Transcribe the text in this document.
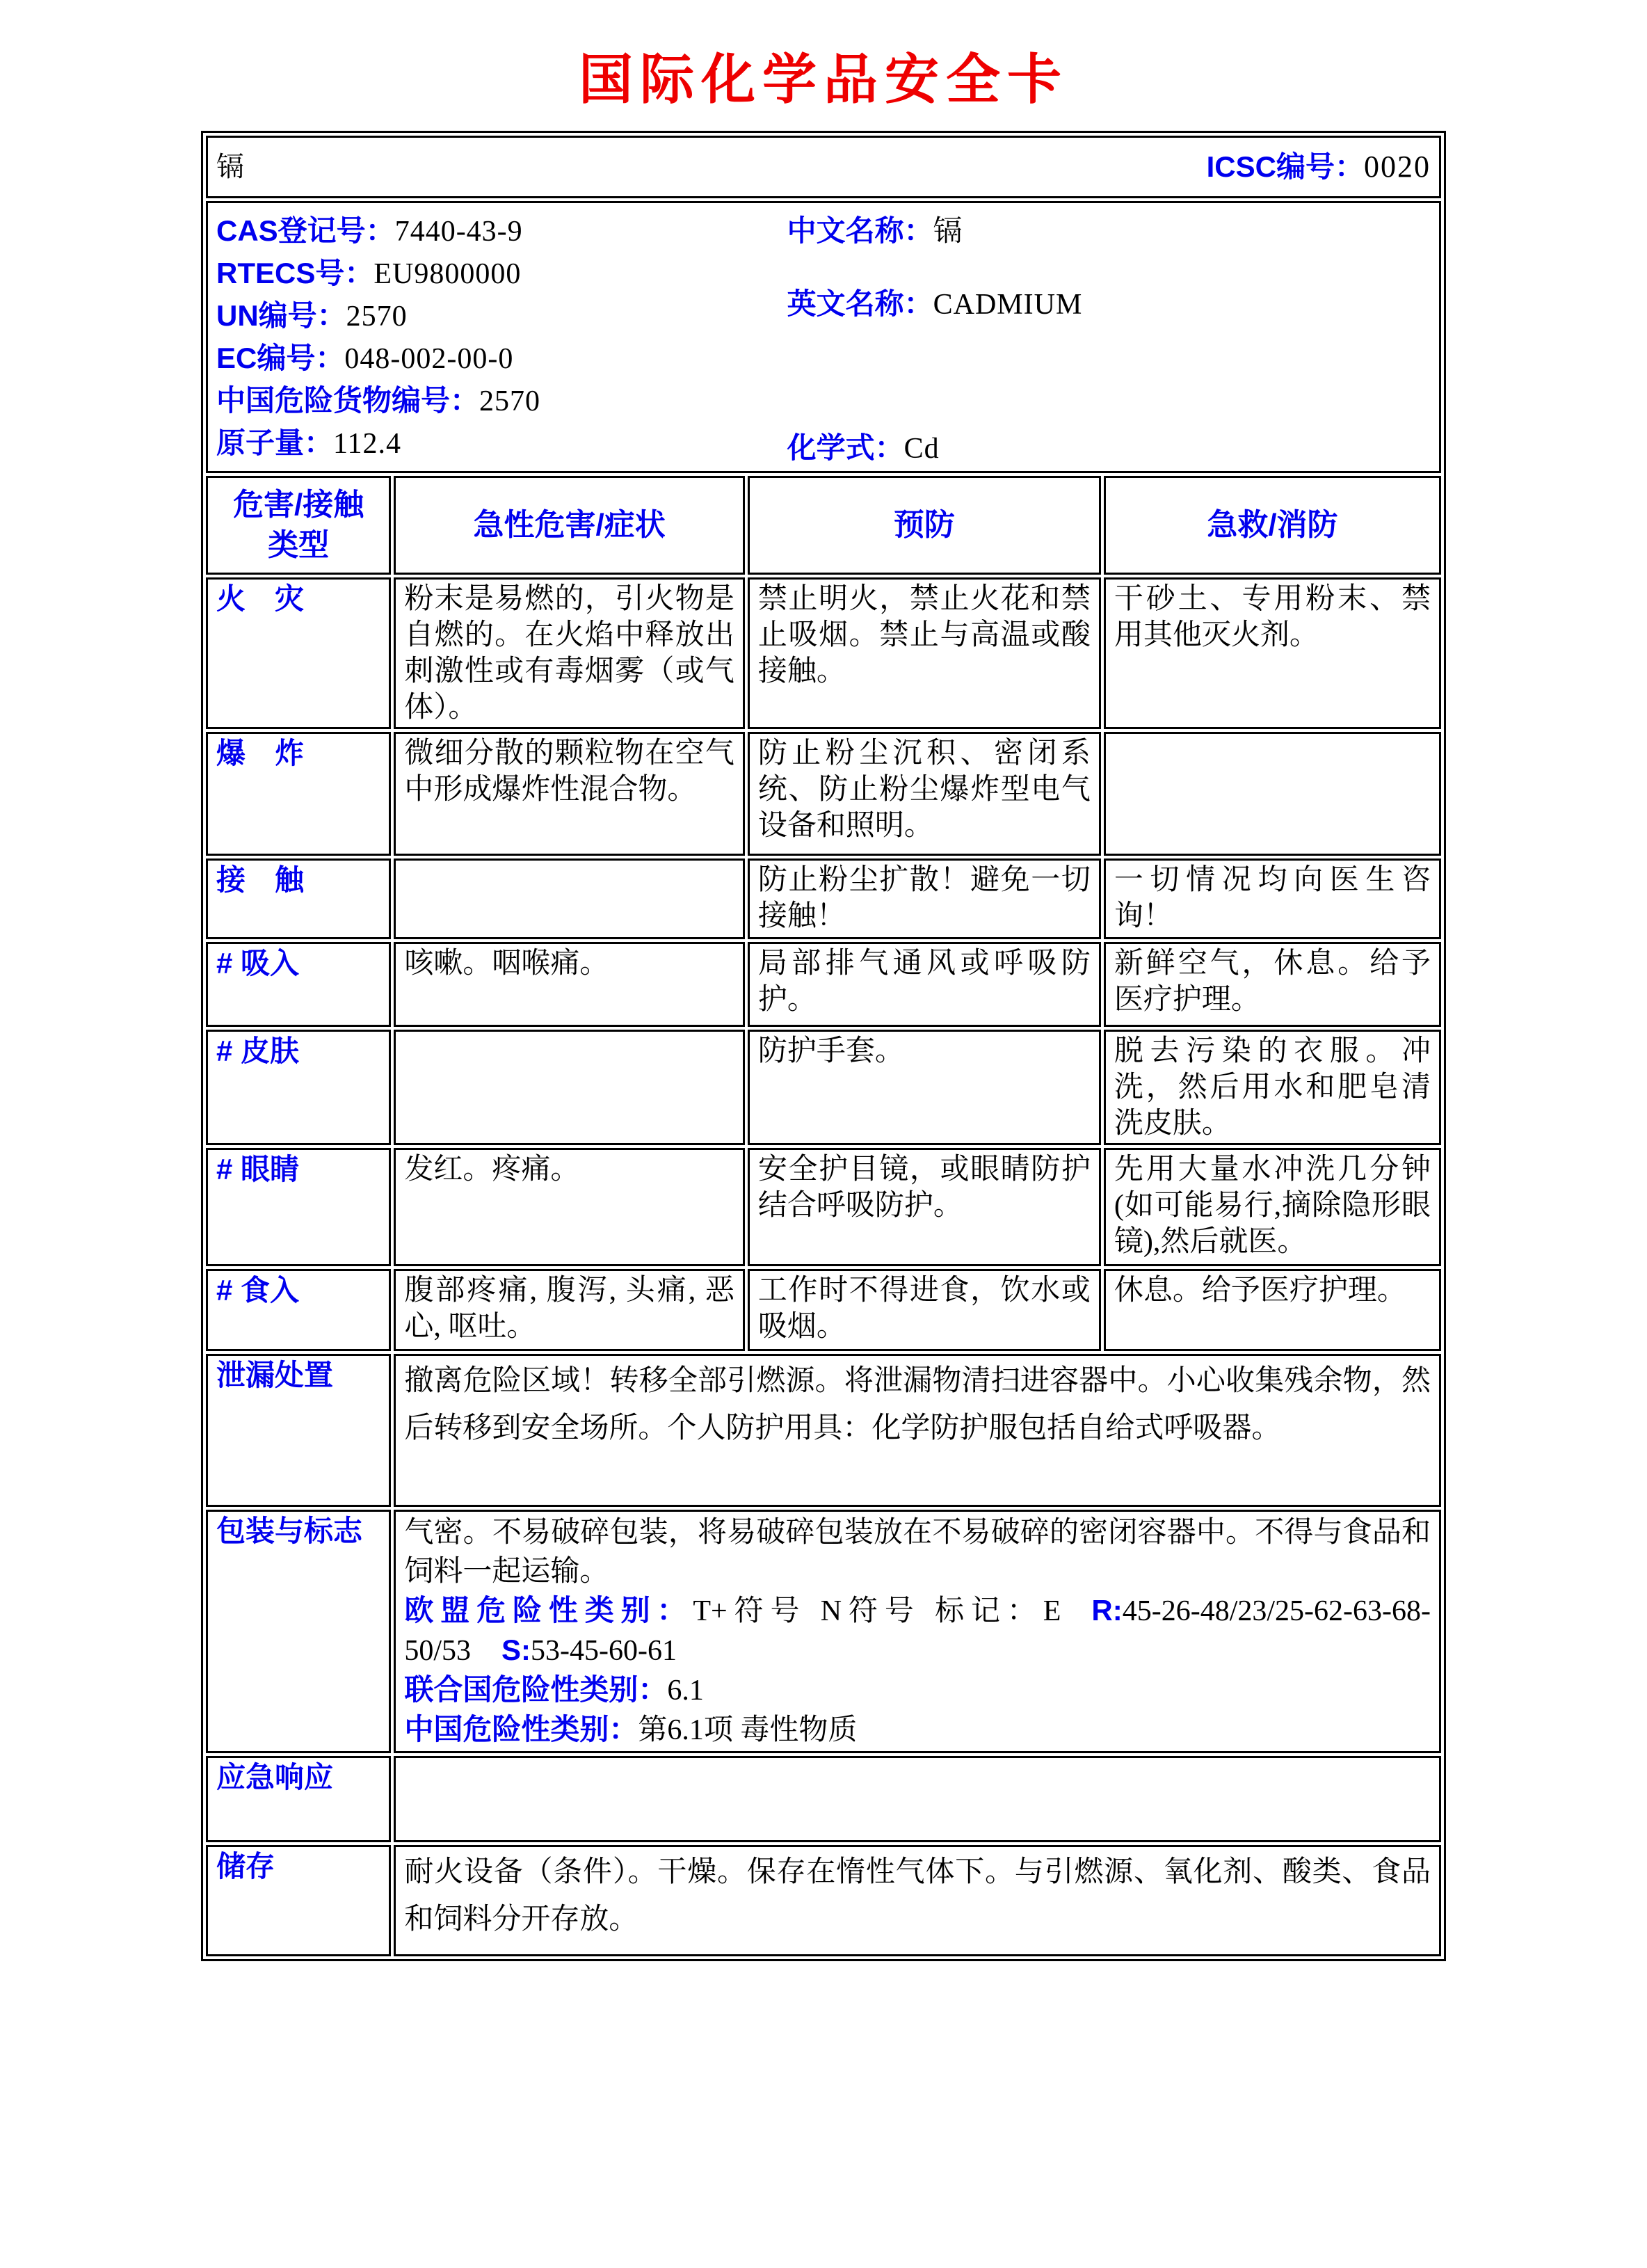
国际化学品安全卡
镉 ICSC编号：0020			

CAS登记号：7440-43-9
RTECS号：EU9800000
UN编号：2570
EC编号：048-002-00-0
中国危险货物编号：2570
原子量：112.4
中文名称：镉
英文名称：CADMIUM
化学式：Cd

危害/接触
类型	急性危害/症状	预防	急救/消防
火　灾	粉末是易燃的，引火物是自燃的。在火焰中释放出刺激性或有毒烟雾（或气体）。	禁止明火，禁止火花和禁止吸烟。禁止与高温或酸接触。	干砂土、专用粉末、禁用其他灭火剂。
爆　炸	微细分散的颗粒物在空气中形成爆炸性混合物。	防止粉尘沉积、密闭系统、防止粉尘爆炸型电气设备和照明。	
接　触		防止粉尘扩散！避免一切接触！	一切情况均向医生咨询！
# 吸入	咳嗽。咽喉痛。	局部排气通风或呼吸防护。	新鲜空气，休息。给予医疗护理。
# 皮肤		防护手套。	脱去污染的衣服。冲洗，然后用水和肥皂清洗皮肤。
# 眼睛	发红。疼痛。	安全护目镜，或眼睛防护结合呼吸防护。	先用大量水冲洗几分钟(如可能易行,摘除隐形眼镜),然后就医。
# 食入	腹部疼痛, 腹泻, 头痛, 恶心, 呕吐。	工作时不得进食，饮水或吸烟。	休息。给予医疗护理。
泄漏处置	撤离危险区域！转移全部引燃源。将泄漏物清扫进容器中。小心收集残余物，然后转移到安全场所。个人防护用具：化学防护服包括自给式呼吸器。		
包装与标志	气密。不易破碎包装，将易破碎包装放在不易破碎的密闭容器中。不得与食品和饲料一起运输。

欧盟危险性类别：T+符号 N符号 标记：E R:45-26-48/23/25-62-63-68-50/53 S:53-45-60-61

联合国危险性类别：6.1

中国危险性类别：第6.1项 毒性物质		

应急响应			
储存	耐火设备（条件）。干燥。保存在惰性气体下。与引燃源、氧化剂、酸类、食品和饲料分开存放。		
